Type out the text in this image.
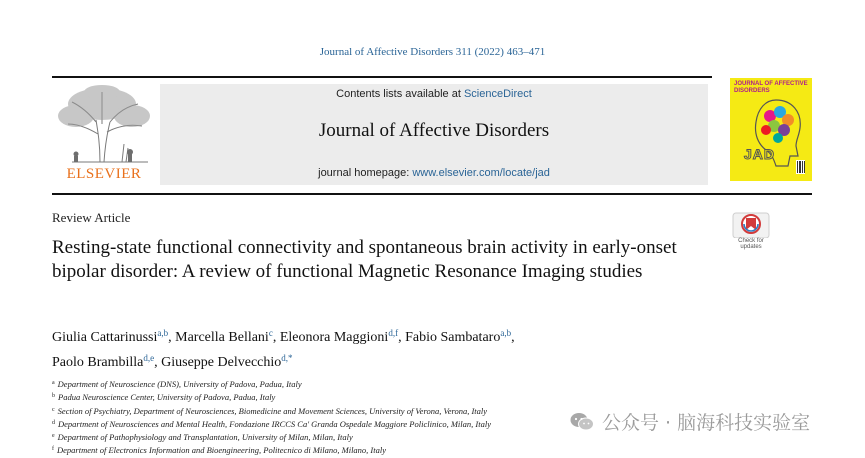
Journal of Affective Disorders 311 (2022) 463–471
ELSEVIER
Contents lists available at ScienceDirect
Journal of Affective Disorders
journal homepage: www.elsevier.com/locate/jad
JOURNAL OF AFFECTIVE DISORDERS
JAD
Review Article
Check for updates
Resting-state functional connectivity and spontaneous brain activity in early-onset bipolar disorder: A review of functional Magnetic Resonance Imaging studies
Giulia Cattarinussi$^{a,b}$, Marcella Bellani$^c$, Eleonora Maggioni$^{d,f}$, Fabio Sambataro$^{a,b}$,
Paolo Brambilla$^{d,e}$, Giuseppe Delvecchio$^{d,*}$
$^a$ Department of Neuroscience (DNS), University of Padova, Padua, Italy
$^b$ Padua Neuroscience Center, University of Padova, Padua, Italy
$^c$ Section of Psychiatry, Department of Neurosciences, Biomedicine and Movement Sciences, University of Verona, Verona, Italy
$^d$ Department of Neurosciences and Mental Health, Fondazione IRCCS Ca' Granda Ospedale Maggiore Policlinico, Milan, Italy
$^e$ Department of Pathophysiology and Transplantation, University of Milan, Milan, Italy
$^f$ Department of Electronics Information and Bioengineering, Politecnico di Milano, Milano, Italy
公众号 · 脑海科技实验室
